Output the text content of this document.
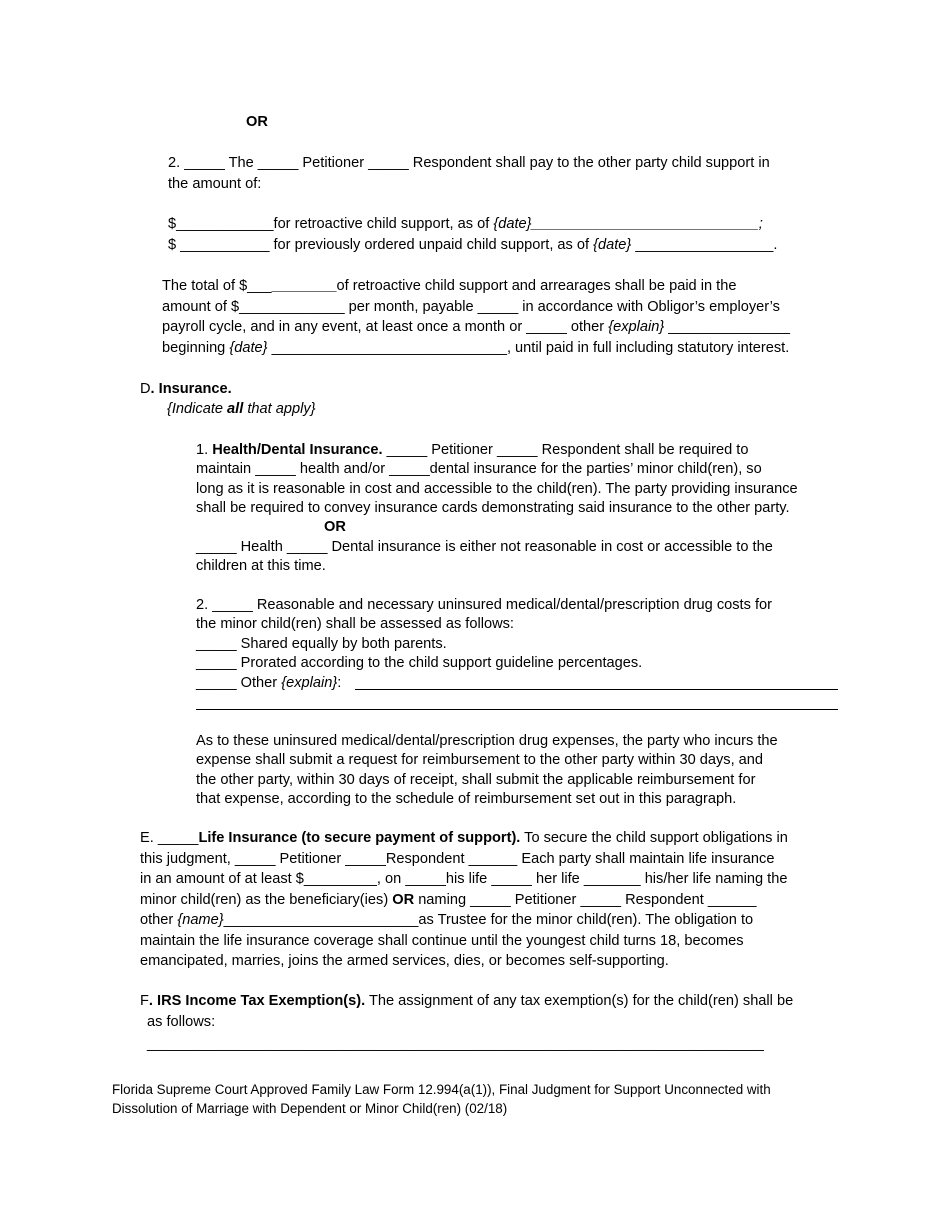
OR
2. _____ The _____ Petitioner _____ Respondent shall pay to the other party child support in
the amount of:
$____________for retroactive child support, as of {date}____________________________;
$ ___________ for previously ordered unpaid child support, as of {date} _________________.
The total of $___________of retroactive child support and arrearages shall be paid in the
amount of $_____________ per month, payable _____ in accordance with Obligor’s employer’s
payroll cycle, and in any event, at least once a month or _____ other {explain} _______________
beginning {date} _____________________________, until paid in full including statutory interest.
D. Insurance.
{Indicate all that apply}
1. Health/Dental Insurance. _____ Petitioner _____ Respondent shall be required to
maintain _____ health and/or _____dental insurance for the parties’ minor child(ren), so
long as it is reasonable in cost and accessible to the child(ren). The party providing insurance
shall be required to convey insurance cards demonstrating said insurance to the other party.
OR
_____ Health _____ Dental insurance is either not reasonable in cost or accessible to the
children at this time.
2. _____ Reasonable and necessary uninsured medical/dental/prescription drug costs for
the minor child(ren) shall be assessed as follows:
_____ Shared equally by both parents.
_____ Prorated according to the child support guideline percentages.
_____ Other {explain}:
As to these uninsured medical/dental/prescription drug expenses, the party who incurs the
expense shall submit a request for reimbursement to the other party within 30 days, and
the other party, within 30 days of receipt, shall submit the applicable reimbursement for
that expense, according to the schedule of reimbursement set out in this paragraph.
E. _____Life Insurance (to secure payment of support). To secure the child support obligations in
this judgment, _____ Petitioner _____Respondent ______ Each party shall maintain life insurance
in an amount of at least $_________, on _____his life _____ her life _______ his/her life naming the
minor child(ren) as the beneficiary(ies) OR naming _____ Petitioner _____ Respondent ______
other {name}________________________as Trustee for the minor child(ren). The obligation to
maintain the life insurance coverage shall continue until the youngest child turns 18, becomes
emancipated, marries, joins the armed services, dies, or becomes self-supporting.
F. IRS Income Tax Exemption(s). The assignment of any tax exemption(s) for the child(ren) shall be
as follows:
____________________________________________________________________________
Florida Supreme Court Approved Family Law Form 12.994(a(1)), Final Judgment for Support Unconnected with
Dissolution of Marriage with Dependent or Minor Child(ren) (02/18)
